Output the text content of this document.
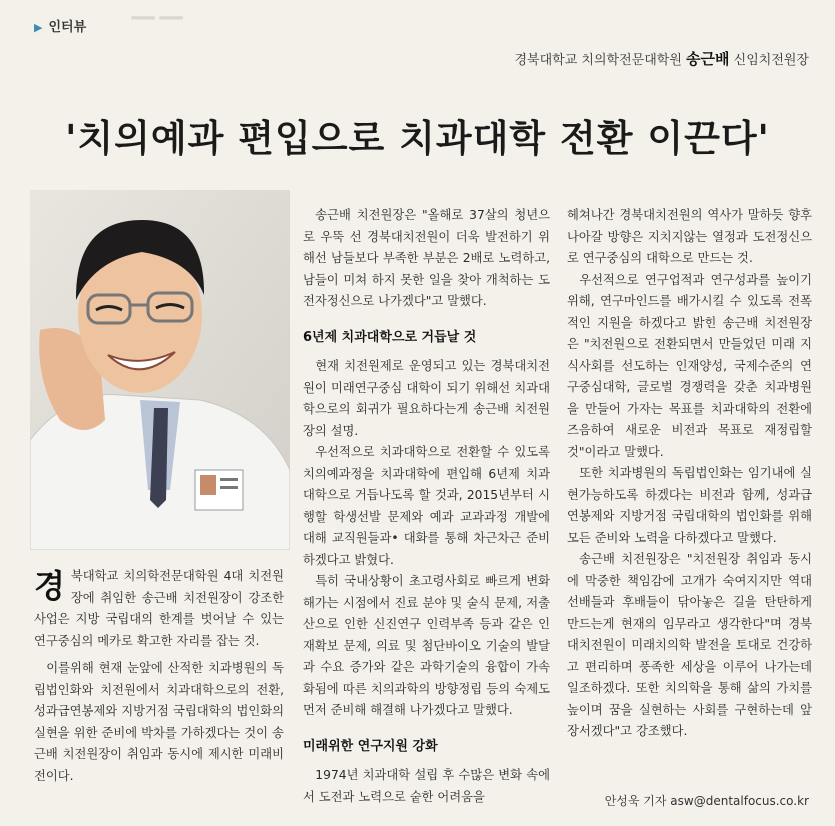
——
▶ 인터뷰
경북대학교 치의학전문대학원 송근배 신임치전원장
'치의예과 편입으로 치과대학 전환 이끈다'

경북대학교 치의학전문대학원 4대 치전원장에 취임한 송근배 치전원장이 강조한 사업은 지방 국립대의 한계를 벗어날 수 있는 연구중심의 메카로 확고한 자리를 잡는 것.

이를위해 현재 눈앞에 산적한 치과병원의 독립법인화와 치전원에서 치과대학으로의 전환, 성과급연봉제와 지방거점 국립대학의 법인화의 실현을 위한 준비에 박차를 가하겠다는 것이 송근배 치전원장이 취임과 동시에 제시한 미래비전이다.

송근배 치전원장은 "올해로 37살의 청년으로 우뚝 선 경북대치전원이 더욱 발전하기 위해선 남들보다 부족한 부분은 2배로 노력하고, 남들이 미쳐 하지 못한 일을 찾아 개척하는 도전자정신으로 나가겠다"고 말했다.

6년제 치과대학으로 거듭날 것

현재 치전원제로 운영되고 있는 경북대치전원이 미래연구중심 대학이 되기 위해선 치과대학으로의 회귀가 필요하다는게 송근배 치전원장의 설명.

우선적으로 치과대학으로 전환할 수 있도록 치의예과정을 치과대학에 편입해 6년제 치과대학으로 거듭나도록 할 것과, 2015년부터 시행할 학생선발 문제와 예과 교과과정 개발에 대해 교직원들과• 대화를 통해 차근차근 준비하겠다고 밝혔다.

특히 국내상황이 초고령사회로 빠르게 변화해가는 시점에서 진료 분야 및 술식 문제, 저출산으로 인한 신진연구 인력부족 등과 같은 인재확보 문제, 의료 및 첨단바이오 기술의 발달과 수요 증가와 같은 과학기술의 융합이 가속화됨에 따른 치의과학의 방향정립 등의 숙제도 먼저 준비해 해결해 나가겠다고 말했다.

미래위한 연구지원 강화

1974년 치과대학 설립 후 수많은 변화 속에서 도전과 노력으로 숱한 어려움을

헤쳐나간 경북대치전원의 역사가 말하듯 향후 나아갈 방향은 지치지않는 열정과 도전정신으로 연구중심의 대학으로 만드는 것.

우선적으로 연구업적과 연구성과를 높이기 위해, 연구마인드를 배가시킬 수 있도록 전폭적인 지원을 하겠다고 밝힌 송근배 치전원장은 "치전원으로 전환되면서 만들었던 미래 지식사회를 선도하는 인재양성, 국제수준의 연구중심대학, 글로벌 경쟁력을 갖춘 치과병원을 만들어 가자는 목표를 치과대학의 전환에 즈음하여 새로운 비전과 목표로 재정립할 것"이라고 말했다.

또한 치과병원의 독립법인화는 임기내에 실현가능하도록 하겠다는 비전과 함께, 성과급연봉제와 지방거점 국립대학의 법인화를 위해 모든 준비와 노력을 다하겠다고 말했다.

송근배 치전원장은 "치전원장 취임과 동시에 막중한 책임감에 고개가 숙여지지만 역대 선배들과 후배들이 닦아놓은 길을 탄탄하게 만드는게 현재의 임무라고 생각한다"며 경북대치전원이 미래치의학 발전을 토대로 건강하고 편리하며 풍족한 세상을 이루어 나가는데 일조하겠다. 또한 치의학을 통해 삶의 가치를 높이며 꿈을 실현하는 사회를 구현하는데 앞장서겠다"고 강조했다.

안성욱 기자 asw@dentalfocus.co.kr
